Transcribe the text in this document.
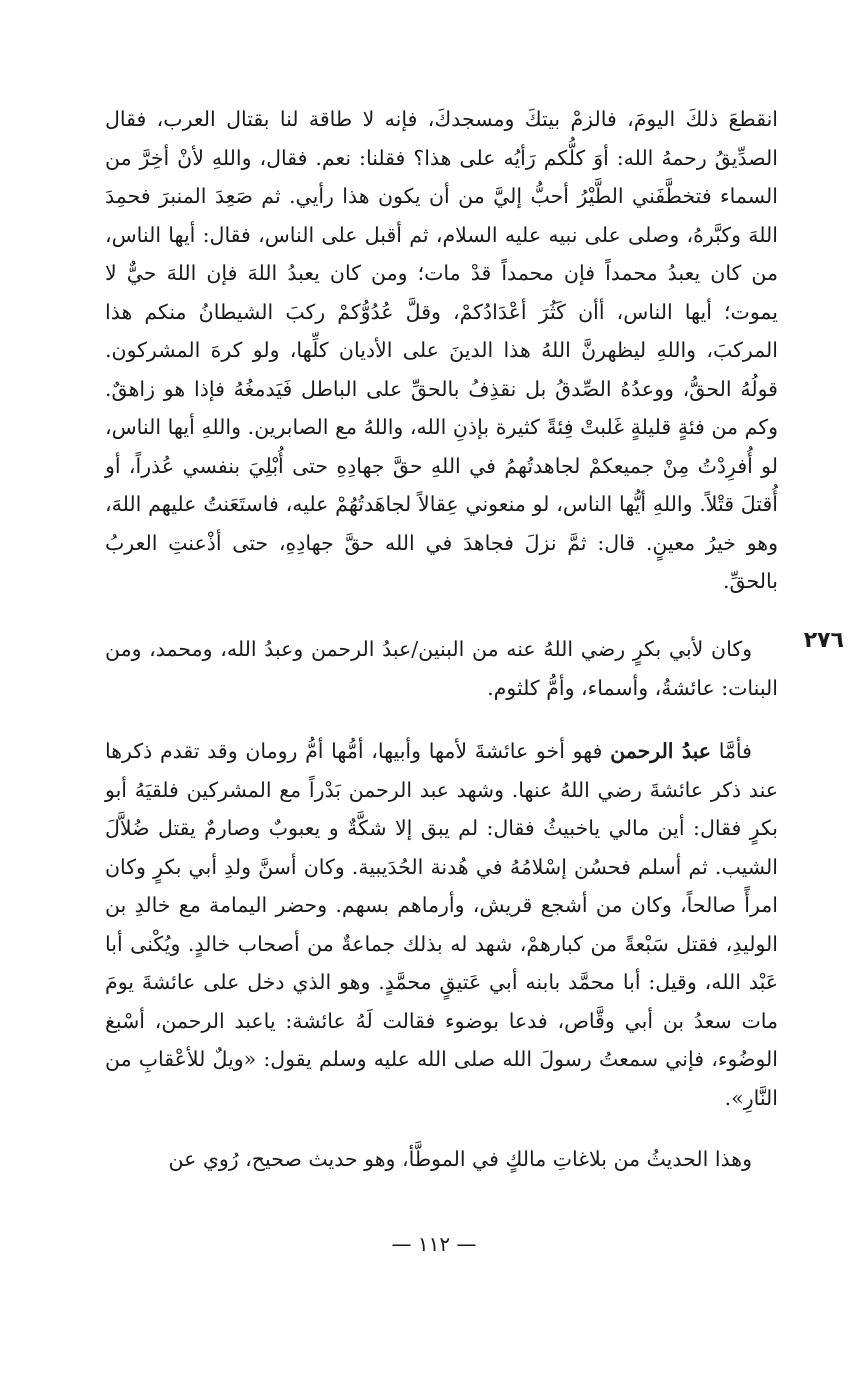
انقطعَ ذلكَ اليومَ، فالزمْ بيتكَ ومسجدكَ، فإنه لا طاقة لنا بقتال العرب، فقال الصدِّيقُ رحمهُ الله: أوَ كلُّكم رَأيُه على هذا؟ فقلنا: نعم. فقال، واللهِ لأنْ أخِرَّ من السماء فتخطَّفَني الطَّيْرُ أحبُّ إليَّ من أن يكون هذا رأيي. ثم صَعِدَ المنبرَ فحمِدَ اللهَ وكبَّرهُ، وصلى على نبيه عليه السلام، ثم أقبل على الناس، فقال: أيها الناس، من كان يعبدُ محمداً فإن محمداً قدْ مات؛ ومن كان يعبدُ اللهَ فإن اللهَ حيٌّ لا يموت؛ أيها الناس، أأن كَثُرَ أعْدَادُكمْ، وقلَّ عُدُوُّكمْ ركبَ الشيطانُ منكم هذا المركبَ، واللهِ ليظهرنَّ اللهُ هذا الدينَ على الأديان كلِّها، ولو كرهَ المشركون. قولُهُ الحقُّ، ووعدُهُ الصِّدقُ بل نقذِفُ بالحقِّ على الباطل فَيَدمغُهُ فإذا هو زاهقٌ. وكم من فئةٍ قليلةٍ غَلبتْ فِئةً كثيرة بإذنِ الله، واللهُ مع الصابرين. واللهِ أيها الناس، لو أُفرِدْتُ مِنْ جميعكمْ لجاهدتُهمُ في اللهِ حقَّ جهادِهِ حتى أُبْلِيَ بنفسي عُذراً، أو أُقتلَ قتْلاً. واللهِ أيُّها الناس، لو منعوني عِقالاً لجاهَدتُهُمْ عليه، فاستَعَنتُ عليهم اللهَ، وهو خيرُ معينٍ. قال: ثمَّ نزلَ فجاهدَ في الله حقَّ جهادِهِ، حتى أذْعنتِ العربُ بالحقِّ.

٢٧٦

وكان لأبي بكرٍ رضي اللهُ عنه من البنين/عبدُ الرحمن وعبدُ الله، ومحمد، ومن البنات: عائشةُ، وأسماء، وأمُّ كلثوم.

فأمَّا عبدُ الرحمن فهو أخو عائشةَ لأمها وأبيها، أمُّها أمُّ رومان وقد تقدم ذكرها عند ذكر عائشةَ رضي اللهُ عنها. وشهد عبد الرحمن بَدْراً مع المشركين فلقيَهُ أبو بكرٍ فقال: أين مالي ياخبيثُ فقال: لم يبق إلا شكَّةٌ و يعبوبٌ وصارمٌ يقتل ضُلاَّلَ الشيب. ثم أسلم فحسُن إسْلامُهُ في هُدنة الحُدَيبية. وكان أسنَّ ولدِ أبي بكرٍ وكان امرأً صالحاً، وكان من أشجع قريش، وأرماهم بسهم. وحضر اليمامة مع خالدِ بن الوليدِ، فقتل سَبْعةً من كبارهمْ، شهد له بذلك جماعةٌ من أصحاب خالدٍ. ويُكْنى أبا عَبْد الله، وقيل: أبا محمَّد بابنه أبي عَتيقٍ محمَّدٍ. وهو الذي دخل على عائشةَ يومَ مات سعدُ بن أبي وقَّاص، فدعا بوضوء فقالت لَهُ عائشة: ياعبد الرحمن، أسْبغ الوضُوء، فإني سمعتُ رسولَ الله صلى الله عليه وسلم يقول: «ويلٌ للأعْقابِ من النَّارِ».

وهذا الحديثُ من بلاغاتِ مالكٍ في الموطَّأ، وهو حديث صحيح، رُوي عن

— ١١٢ —
